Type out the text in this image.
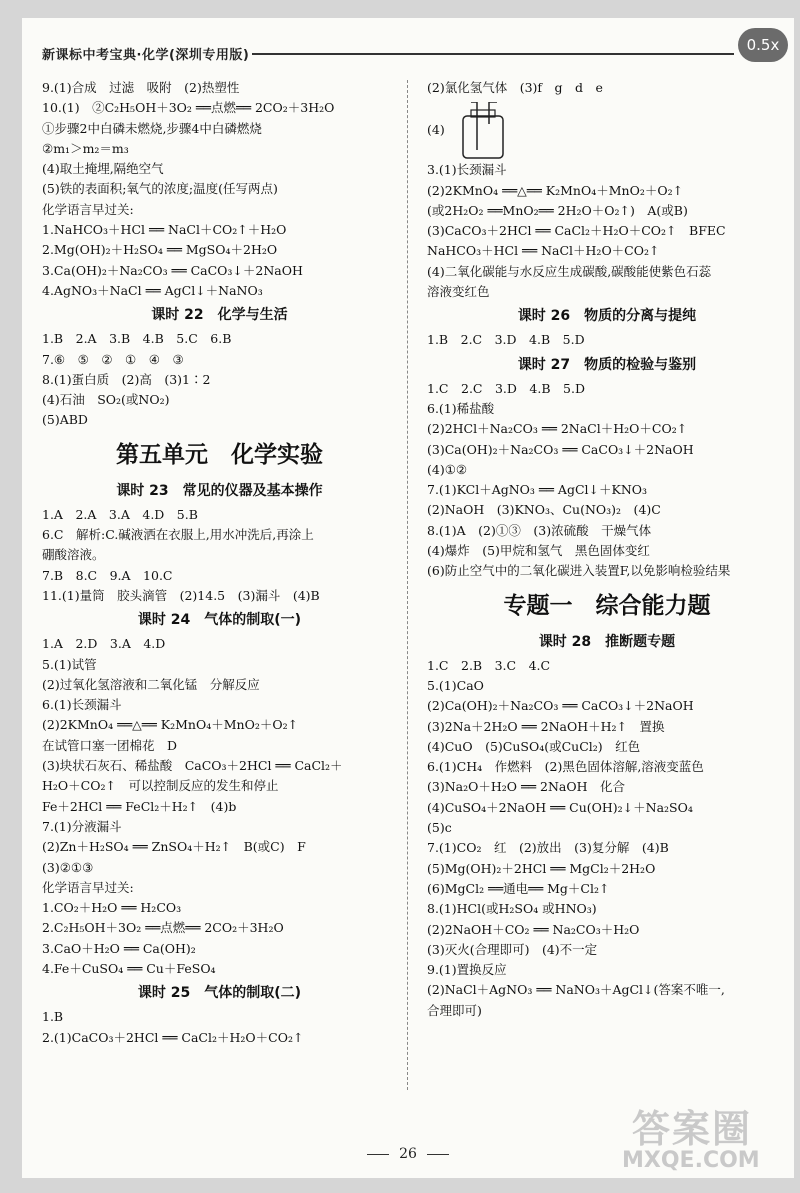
新课标中考宝典·化学(深圳专用版)
0.5x
9.(1)合成　过滤　吸附　(2)热塑性
10.(1)　②C₂H₅OH＋3O₂ ══点燃══ 2CO₂＋3H₂O
①步骤2中白磷未燃烧,步骤4中白磷燃烧
②m₁＞m₂＝m₃
(4)取土掩埋,隔绝空气
(5)铁的表面积;氧气的浓度;温度(任写两点)
化学语言早过关:
1.NaHCO₃＋HCl ══ NaCl＋CO₂↑＋H₂O
2.Mg(OH)₂＋H₂SO₄ ══ MgSO₄＋2H₂O
3.Ca(OH)₂＋Na₂CO₃ ══ CaCO₃↓＋2NaOH
4.AgNO₃＋NaCl ══ AgCl↓＋NaNO₃
课时 22　化学与生活
1.B　2.A　3.B　4.B　5.C　6.B
7.⑥　⑤　②　①　④　③
8.(1)蛋白质　(2)高　(3)1∶2
(4)石油　SO₂(或NO₂)
(5)ABD
第五单元　化学实验
课时 23　常见的仪器及基本操作
1.A　2.A　3.A　4.D　5.B
6.C　解析:C.碱液洒在衣服上,用水冲洗后,再涂上
硼酸溶液。
7.B　8.C　9.A　10.C
11.(1)量筒　胶头滴管　(2)14.5　(3)漏斗　(4)B
课时 24　气体的制取(一)
1.A　2.D　3.A　4.D
5.(1)试管
(2)过氧化氢溶液和二氧化锰　分解反应
6.(1)长颈漏斗
(2)2KMnO₄ ══△══ K₂MnO₄＋MnO₂＋O₂↑
在试管口塞一团棉花　D
(3)块状石灰石、稀盐酸　CaCO₃＋2HCl ══ CaCl₂＋
H₂O＋CO₂↑　可以控制反应的发生和停止
Fe＋2HCl ══ FeCl₂＋H₂↑　(4)b
7.(1)分液漏斗
(2)Zn＋H₂SO₄ ══ ZnSO₄＋H₂↑　B(或C)　F
(3)②①③
化学语言早过关:
1.CO₂＋H₂O ══ H₂CO₃
2.C₂H₅OH＋3O₂ ══点燃══ 2CO₂＋3H₂O
3.CaO＋H₂O ══ Ca(OH)₂
4.Fe＋CuSO₄ ══ Cu＋FeSO₄
课时 25　气体的制取(二)
1.B
2.(1)CaCO₃＋2HCl ══ CaCl₂＋H₂O＋CO₂↑
(2)氯化氢气体　(3)f　g　d　e
(4)
3.(1)长颈漏斗
(2)2KMnO₄ ══△══ K₂MnO₄＋MnO₂＋O₂↑
(或2H₂O₂ ══MnO₂══ 2H₂O＋O₂↑)　A(或B)
(3)CaCO₃＋2HCl ══ CaCl₂＋H₂O＋CO₂↑　BFEC
NaHCO₃＋HCl ══ NaCl＋H₂O＋CO₂↑
(4)二氧化碳能与水反应生成碳酸,碳酸能使紫色石蕊
溶液变红色
课时 26　物质的分离与提纯
1.B　2.C　3.D　4.B　5.D
课时 27　物质的检验与鉴别
1.C　2.C　3.D　4.B　5.D
6.(1)稀盐酸
(2)2HCl＋Na₂CO₃ ══ 2NaCl＋H₂O＋CO₂↑
(3)Ca(OH)₂＋Na₂CO₃ ══ CaCO₃↓＋2NaOH
(4)①②
7.(1)KCl＋AgNO₃ ══ AgCl↓＋KNO₃
(2)NaOH　(3)KNO₃、Cu(NO₃)₂　(4)C
8.(1)A　(2)①③　(3)浓硫酸　干燥气体
(4)爆炸　(5)甲烷和氢气　黑色固体变红
(6)防止空气中的二氧化碳进入装置F,以免影响检验结果
专题一　综合能力题
课时 28　推断题专题
1.C　2.B　3.C　4.C
5.(1)CaO
(2)Ca(OH)₂＋Na₂CO₃ ══ CaCO₃↓＋2NaOH
(3)2Na＋2H₂O ══ 2NaOH＋H₂↑　置换
(4)CuO　(5)CuSO₄(或CuCl₂)　红色
6.(1)CH₄　作燃料　(2)黑色固体溶解,溶液变蓝色
(3)Na₂O＋H₂O ══ 2NaOH　化合
(4)CuSO₄＋2NaOH ══ Cu(OH)₂↓＋Na₂SO₄
(5)c
7.(1)CO₂　红　(2)放出　(3)复分解　(4)B
(5)Mg(OH)₂＋2HCl ══ MgCl₂＋2H₂O
(6)MgCl₂ ══通电══ Mg＋Cl₂↑
8.(1)HCl(或H₂SO₄ 或HNO₃)
(2)2NaOH＋CO₂ ══ Na₂CO₃＋H₂O
(3)灭火(合理即可)　(4)不一定
9.(1)置换反应
(2)NaCl＋AgNO₃ ══ NaNO₃＋AgCl↓(答案不唯一,
合理即可)
26
答案圈
MXQE.COM
